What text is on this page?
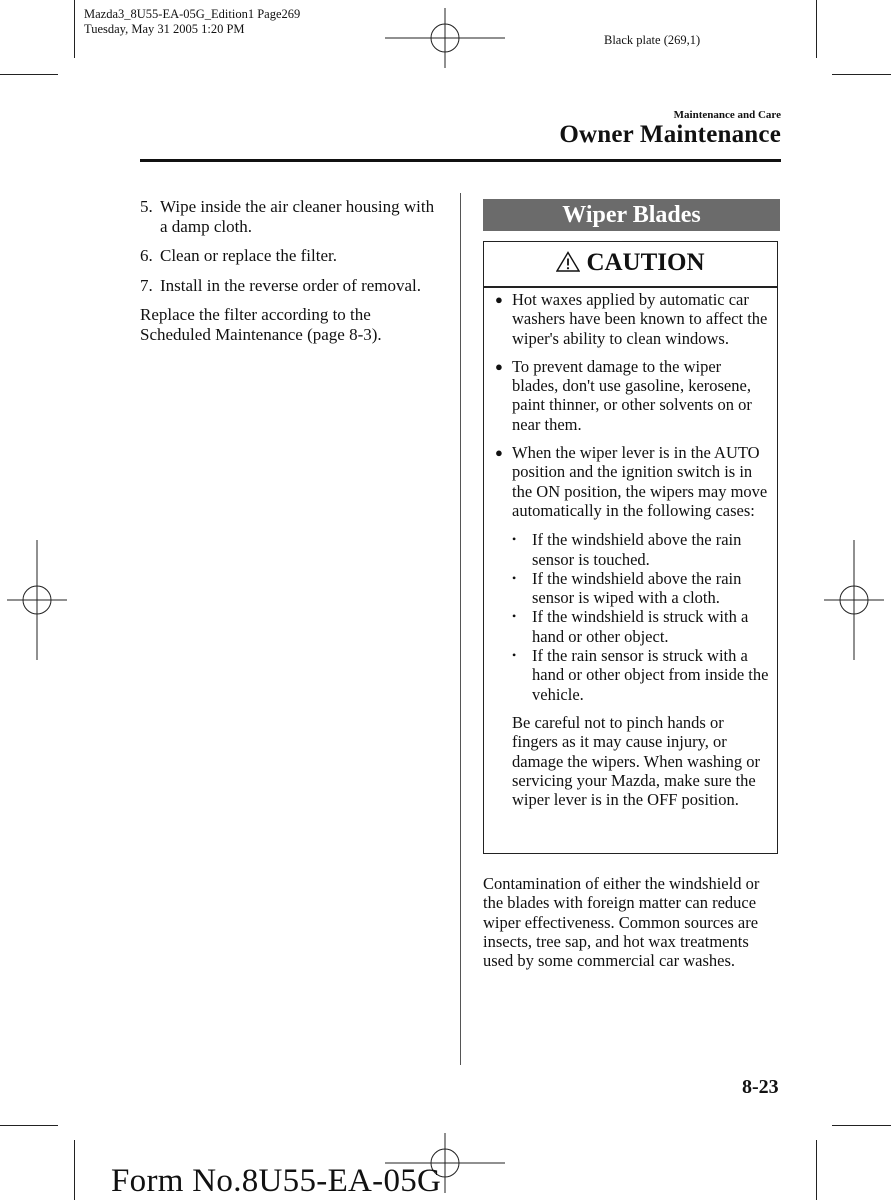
Mazda3_8U55-EA-05G_Edition1 Page269
Tuesday, May 31 2005 1:20 PM
Black plate (269,1)
Maintenance and Care
Owner Maintenance
5. Wipe inside the air cleaner housing with a damp cloth.
6. Clean or replace the filter.
7. Install in the reverse order of removal.

Replace the filter according to the Scheduled Maintenance (page 8-3).

Wiper Blades
CAUTION
● Hot waxes applied by automatic car washers have been known to affect the wiper's ability to clean windows.
● To prevent damage to the wiper blades, don't use gasoline, kerosene, paint thinner, or other solvents on or near them.
● When the wiper lever is in the AUTO position and the ignition switch is in the ON position, the wipers may move automatically in the following cases:

• If the windshield above the rain sensor is touched.

• If the windshield above the rain sensor is wiped with a cloth.

• If the windshield is struck with a hand or other object.

• If the rain sensor is struck with a hand or other object from inside the vehicle.

Be careful not to pinch hands or fingers as it may cause injury, or damage the wipers. When washing or servicing your Mazda, make sure the wiper lever is in the OFF position.

Contamination of either the windshield or the blades with foreign matter can reduce wiper effectiveness. Common sources are insects, tree sap, and hot wax treatments used by some commercial car washes.
8-23
Form No.8U55-EA-05G
